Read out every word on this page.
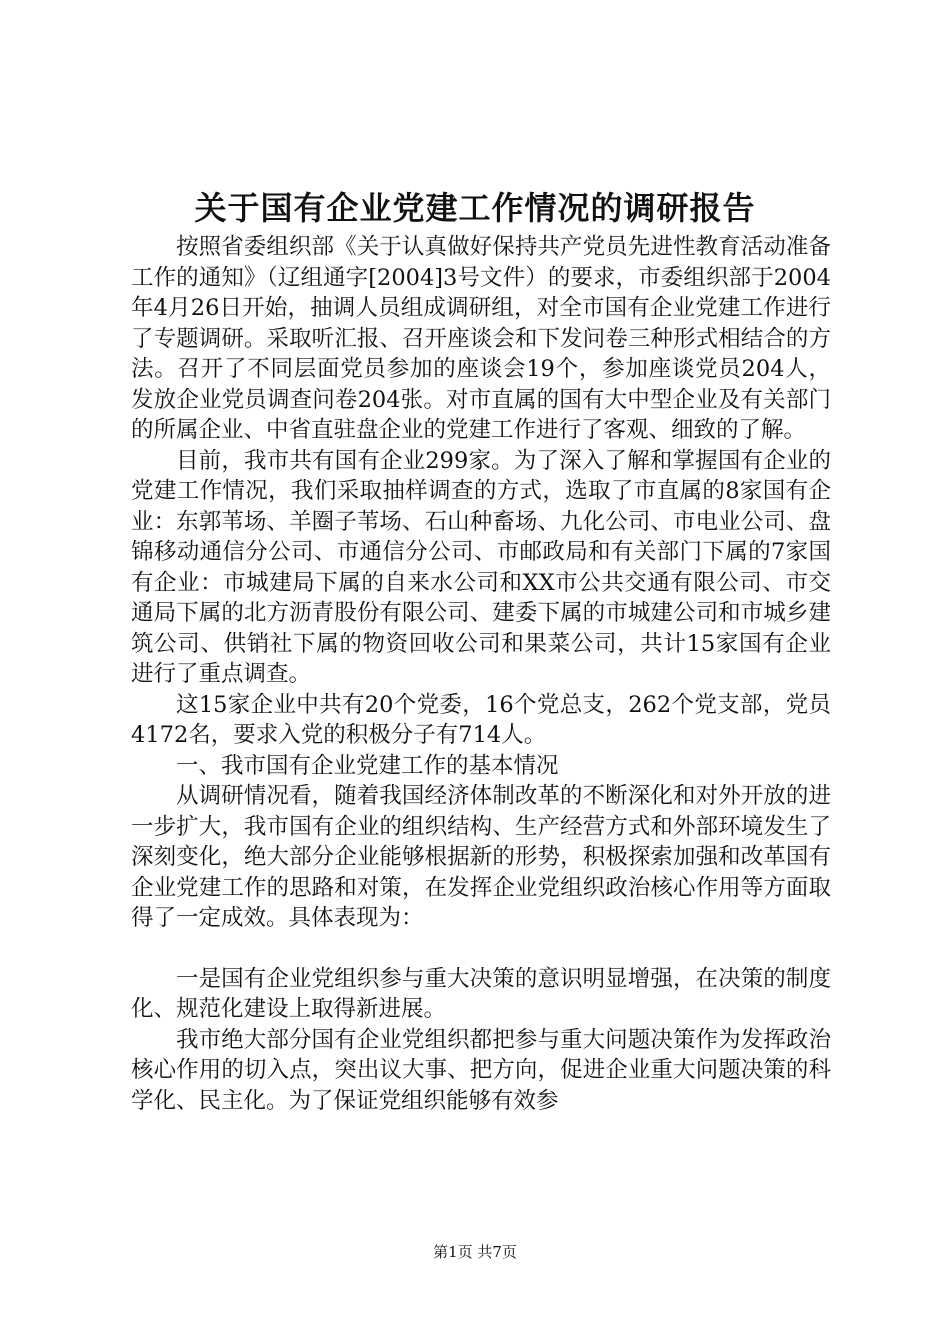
关于国有企业党建工作情况的调研报告

按照省委组织部《关于认真做好保持共产党员先进性教育活动准备工作的通知》（辽组通字[2004]3号文件）的要求，市委组织部于2004年4月26日开始，抽调人员组成调研组，对全市国有企业党建工作进行了专题调研。采取听汇报、召开座谈会和下发问卷三种形式相结合的方法。召开了不同层面党员参加的座谈会19个，参加座谈党员204人，发放企业党员调查问卷204张。对市直属的国有大中型企业及有关部门的所属企业、中省直驻盘企业的党建工作进行了客观、细致的了解。

目前，我市共有国有企业299家。为了深入了解和掌握国有企业的党建工作情况，我们采取抽样调查的方式，选取了市直属的8家国有企业：东郭苇场、羊圈子苇场、石山种畜场、九化公司、市电业公司、盘锦移动通信分公司、市通信分公司、市邮政局和有关部门下属的7家国有企业：市城建局下属的自来水公司和XX市公共交通有限公司、市交通局下属的北方沥青股份有限公司、建委下属的市城建公司和市城乡建筑公司、供销社下属的物资回收公司和果菜公司，共计15家国有企业进行了重点调查。

这15家企业中共有20个党委，16个党总支，262个党支部，党员4172名，要求入党的积极分子有714人。

一、我市国有企业党建工作的基本情况

从调研情况看，随着我国经济体制改革的不断深化和对外开放的进一步扩大，我市国有企业的组织结构、生产经营方式和外部环境发生了深刻变化，绝大部分企业能够根据新的形势，积极探索加强和改革国有企业党建工作的思路和对策，在发挥企业党组织政治核心作用等方面取得了一定成效。具体表现为：

一是国有企业党组织参与重大决策的意识明显增强，在决策的制度化、规范化建设上取得新进展。

我市绝大部分国有企业党组织都把参与重大问题决策作为发挥政治核心作用的切入点，突出议大事、把方向，促进企业重大问题决策的科学化、民主化。为了保证党组织能够有效参

第1页 共7页
